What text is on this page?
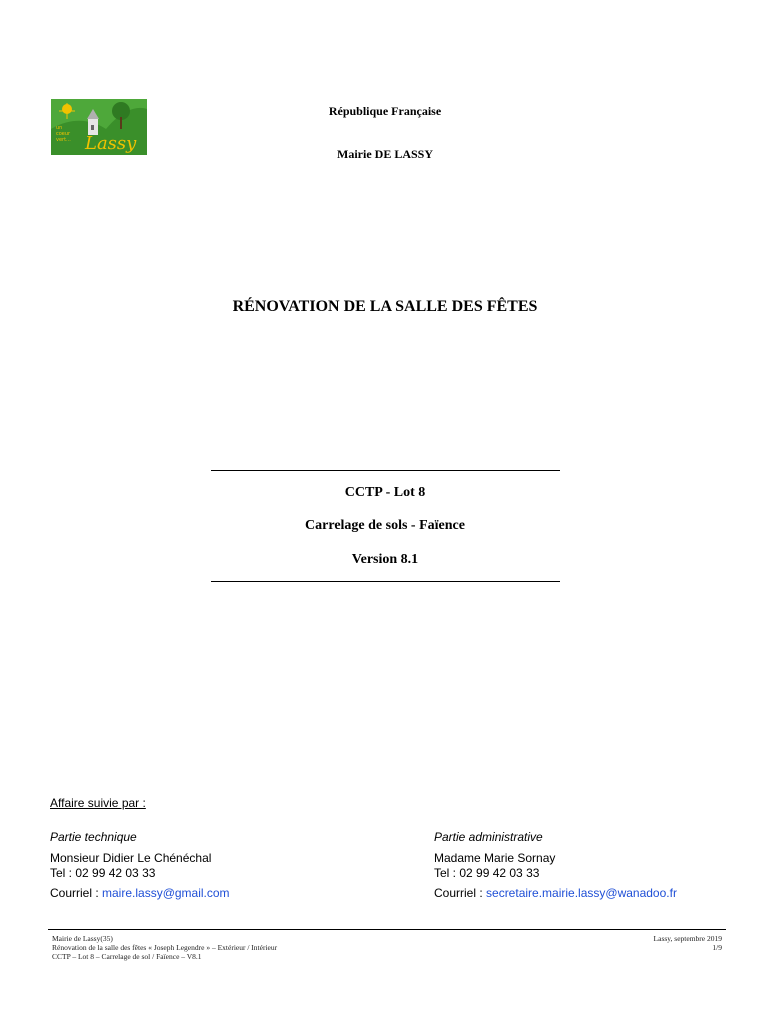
Lassy
un coeur vert...
République Française
Mairie DE LASSY
RÉNOVATION DE LA SALLE DES FÊTES
CCTP - Lot 8
Carrelage de sols - Faïence
Version 8.1
Affaire suivie par :
Partie technique
Monsieur Didier Le Chénéchal
Tel : 02 99 42 03 33
Courriel : maire.lassy@gmail.com
Partie administrative
Madame Marie Sornay
Tel : 02 99 42 03 33
Courriel : secretaire.mairie.lassy@wanadoo.fr
Mairie de Lassy(35)
Rénovation de la salle des fêtes « Joseph Legendre » – Extérieur / Intérieur
CCTP – Lot 8 – Carrelage de sol / Faïence – V8.1
Lassy, septembre 2019
1/9
